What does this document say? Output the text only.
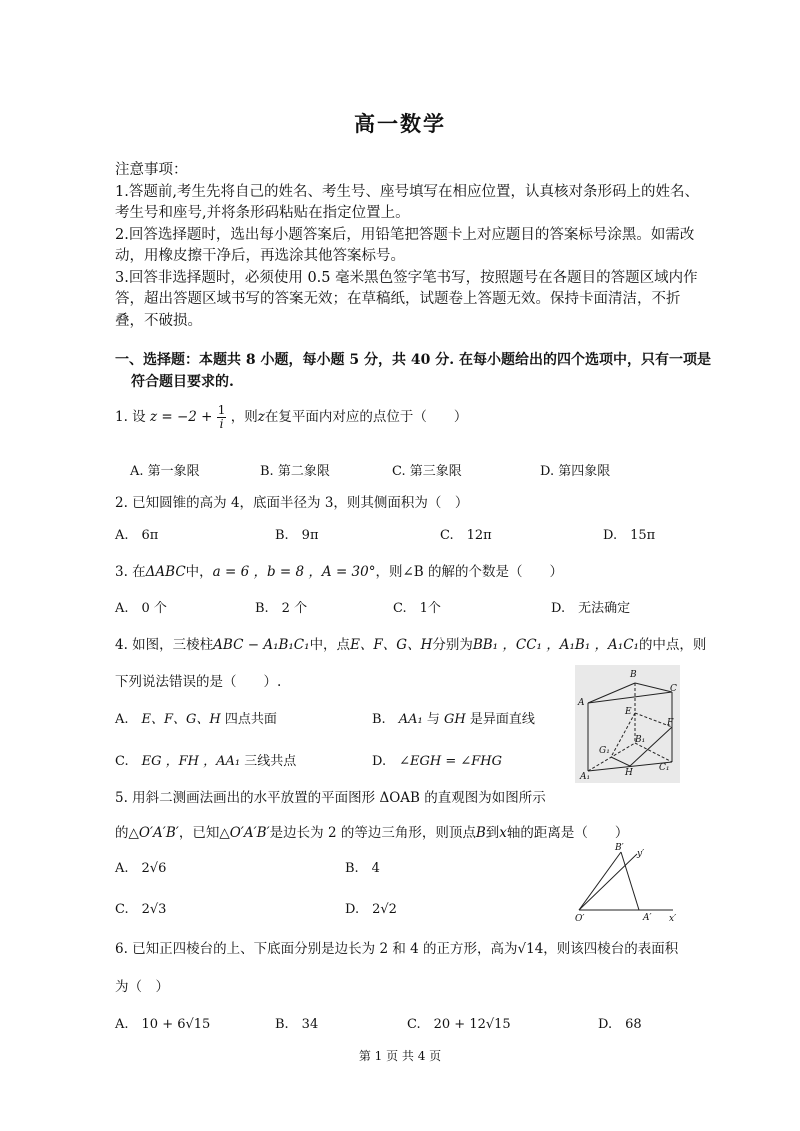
高一数学

注意事项：

1.答题前,考生先将自己的姓名、考生号、座号填写在相应位置，认真核对条形码上的姓名、考生号和座号,并将条形码粘贴在指定位置上。

2.回答选择题时，选出每小题答案后，用铅笔把答题卡上对应题目的答案标号涂黑。如需改动，用橡皮擦干净后，再选涂其他答案标号。

3.回答非选择题时，必须使用 0.5 毫米黑色签字笔书写，按照题号在各题目的答题区域内作答，超出答题区域书写的答案无效；在草稿纸，试题卷上答题无效。保持卡面清洁，不折叠，不破损。

一、选择题：本题共 8 小题，每小题 5 分，共 40 分. 在每小题给出的四个选项中，只有一项是
符合题目要求的.
1. 设 $z = -2 + \frac{1}{i}$ ，则z在复平面内对应的点位于（　　）
A. 第一象限	B. 第二象限	C. 第三象限	D. 第四象限
2. 已知圆锥的高为 4，底面半径为 3，则其侧面积为（　）
A.　6π	B.　9π	C.　12π	D.　15π
3. 在ΔABC中，a = 6 ，b = 8 ，A = 30°，则∠B 的解的个数是（　　）
A.　0 个	B.　2 个	C.　1个	D.　无法确定
4. 如图，三棱柱ABC − A₁B₁C₁中，点E、F、G、H分别为BB₁ ，CC₁ ，A₁B₁ ，A₁C₁的中点，则
下列说法错误的是（　　）.
A.　E、F、G、H 四点共面	B.　AA₁ 与 GH 是异面直线
C.　EG ，FH ，AA₁ 三线共点	D.　∠EGH = ∠FHG
B
A
C
E
F
G₁
B₁
A₁	H	C₁
5. 用斜二测画法画出的水平放置的平面图形 ΔOAB 的直观图为如图所示
的△O′A′B′，已知△O′A′B′是边长为 2 的等边三角形，则顶点B到x轴的距离是（　　）
A.　2√6	B.　4
C.　2√3	D.　2√2
B′
y′
O′	A′ x′
6. 已知正四棱台的上、下底面分别是边长为 2 和 4 的正方形，高为√14，则该四棱台的表面积
为（　）
A.　10 + 6√15	B.　34	C.　20 + 12√15	D.　68
第 1 页 共 4 页
